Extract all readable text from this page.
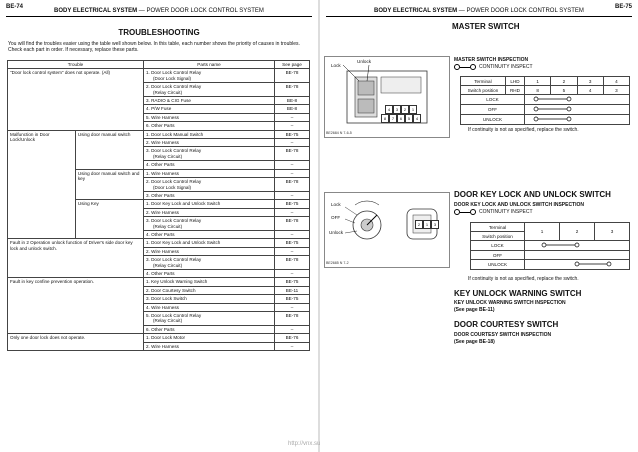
BE-74
BODY ELECTRICAL SYSTEM — POWER DOOR LOCK CONTROL SYSTEM
TROUBLESHOOTING
You will find the troubles easier using the table well shown below. In this table, each number shows the priority of causes in troubles. Check each part in order. If necessary, replace these parts.
Trouble		Parts name	See page
"Door lock control system" does not operate. (All)		1. Door Lock Control Relay
(Door Lock Signal)	BE-78
		2. Door Lock Control Relay
(Relay Circuit)	BE-78
		3. RADIO & CIG Fuse	BE-8
		4. P/W Fuse	BE-8
		5. Wire Harness	–
		6. Other Parts	–
Malfunction in Door Lock/Unlock	Using door manual switch	1. Door Lock Manual Switch	BE-75
		2. Wire Harness	–
		3. Door Lock Control Relay
(Relay Circuit)	BE-78
		4. Other Parts	–
	Using door manual switch and key	1. Wire Harness	–
		2. Door Lock Control Relay
(Door Lock Signal)	BE-78
		3. Other Parts	–
	Using Key	1. Door Key Lock and Unlock Switch	BE-75
		2. Wire Harness	–
		3. Door Lock Control Relay
(Relay Circuit)	BE-78
		4. Other Parts	–
Fault in 2 Operation unlock function of Driver's side door key lock and unlock switch.		1. Door Key Lock and Unlock Switch	BE-75
		2. Wire Harness	–
		3. Door Lock Control Relay
(Relay Circuit)	BE-78
		4. Other Parts	–
Fault in key confine prevention operation.		1. Key Unlock Warning Switch	BE-75
		2. Door Courtesy Switch	BE-11
		3. Door Lock Switch	BE-75
		4. Wire Harness	–
		5. Door Lock Control Relay
(Relay Circuit)	BE-78
		6. Other Parts	–
Only one door lock does not operate.		1. Door Lock Motor	BE-76
		2. Wire Harness	–
BODY ELECTRICAL SYSTEM — POWER DOOR LOCK CONTROL SYSTEM
BE-75
MASTER SWITCH
Lock
Unlock
4	3	2	1
8	7	6	5	4
BE2684 N 7-6-5
MASTER SWITCH INSPECTION
CONTINUITY INSPECT
Terminal	LHD	1	2	3	4
Switch position	RHD	8	5	4	3
LOCK	
OFF	
UNLOCK	
If continuity is not as specified, replace the switch.
DOOR KEY LOCK AND UNLOCK SWITCH
DOOR KEY LOCK AND UNLOCK SWITCH INSPECTION
CONTINUITY INSPECT
Lock
OFF
Unlock
2	1	3
BE2685 N 7-2
Terminal	1	2	3
Switch position			
LOCK	
OFF			
UNLOCK	
If continuity is not as specified, replace the switch.
KEY UNLOCK WARNING SWITCH
KEY UNLOCK WARNING SWITCH INSPECTION
(See page BE-11)
DOOR COURTESY SWITCH
DOOR COURTESY SWITCH INSPECTION
(See page BE-18)
http://vnx.su
